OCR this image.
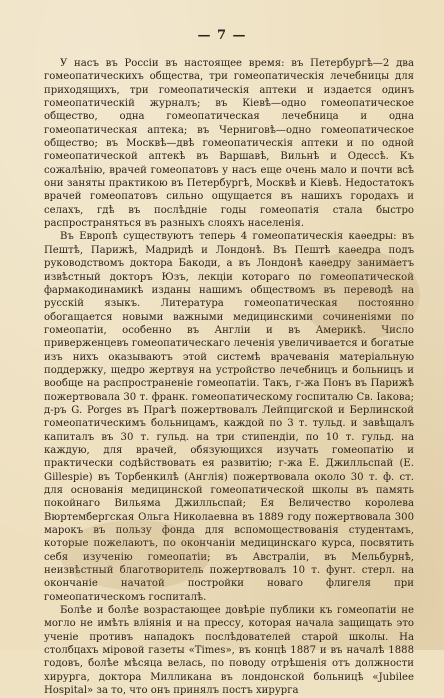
— 7 —

У насъ въ Россіи въ настоящее время: въ Петербургѣ—2 два гомеопатическихъ общества, три гомеопатическія лечебницы для приходящихъ, три гомеопатическія аптеки и издается одинъ гомеопатическій журналъ; въ Кіевѣ—одно гомеопатическое общество, одна гомеопатическая лечебница и одна гомеопатическая аптека; въ Черниговѣ—одно гомеопатическое общество; въ Москвѣ—двѣ гомеопатическія аптеки и по одной гомеопатической аптекѣ въ Варшавѣ, Вильнѣ и Одессѣ. Къ сожалѣнію, врачей гомеопатовъ у насъ еще очень мало и почти всѣ они заняты практикою въ Петербургѣ, Москвѣ и Кіевѣ. Недостатокъ врачей гомеопатовъ сильно ощущается въ нашихъ городахъ и селахъ, гдѣ въ послѣдніе годы гомеопатія стала быстро распространяться въ разныхъ слояхъ населенія.

Въ Европѣ существуютъ теперь 4 гомеопатическія каѳедры: въ Пештѣ, Парижѣ, Мадридѣ и Лондонѣ. Въ Пештѣ каѳедра подъ руководствомъ доктора Бакоди, а въ Лондонѣ каѳедру занимаетъ извѣстный докторъ Юзъ, лекціи котораго по гомеопатической фармакодинамикѣ изданы нашимъ обществомъ въ переводѣ на русскій языкъ. Литература гомеопатическая постоянно обогащается новыми важными медицинскими сочиненіями по гомеопатіи, особенно въ Англіи и въ Америкѣ. Число приверженцевъ гомеопатическаго леченія увеличивается и богатые изъ нихъ оказываютъ этой системѣ врачеванія матеріальную поддержку, щедро жертвуя на устройство лечебницъ и больницъ и вообще на распространеніе гомеопатіи. Такъ, г-жа Понъ въ Парижѣ пожертвовала 30 т. франк. гомеопатическому госпиталю Св. Іакова; д-ръ G. Porges въ Прагѣ пожертвовалъ Лейпцигской и Берлинской гомеопатическимъ больницамъ, каждой по 3 т. тульд. и завѣщалъ капиталъ въ 30 т. гульд. на три стипендіи, по 10 т. гульд. на каждую, для врачей, обязующихся изучать гомеопатію и практически содѣйствовать ея развитію; г-жа Е. Джилльспай (E. Gillespie) въ Торбенкилѣ (Англія) пожертвовала около 30 т. ф. ст. для основанія медицинской гомеопатической школы въ память покойнаго Вильяма Джилльспай; Ея Величество королева Вюртембергская Ольга Николаевна въ 1889 году пожертвовала 300 марокъ въ пользу фонда для вспомоществованія студентамъ, которые пожелаютъ, по окончаніи медицинскаго курса, посвятить себя изученію гомеопатіи; въ Австраліи, въ Мельбурнѣ, неизвѣстный благотворитель пожертвовалъ 10 т. фунт. стерл. на окончаніе начатой постройки новаго флигеля при гомеопатическомъ госпиталѣ.

Болѣе и болѣе возрастающее довѣріе публики къ гомеопатіи не могло не имѣть вліянія и на прессу, которая начала защищать это ученіе противъ нападокъ послѣдователей старой школы. На столбцахъ міровой газеты «Times», въ концѣ 1887 и въ началѣ 1888 годовъ, болѣе мѣсяца велась, по поводу отрѣшенія отъ должности хирурга, доктора Милликана въ лондонской больницѣ «Jubilee Hospital» за то, что онъ принялъ постъ хирурга
